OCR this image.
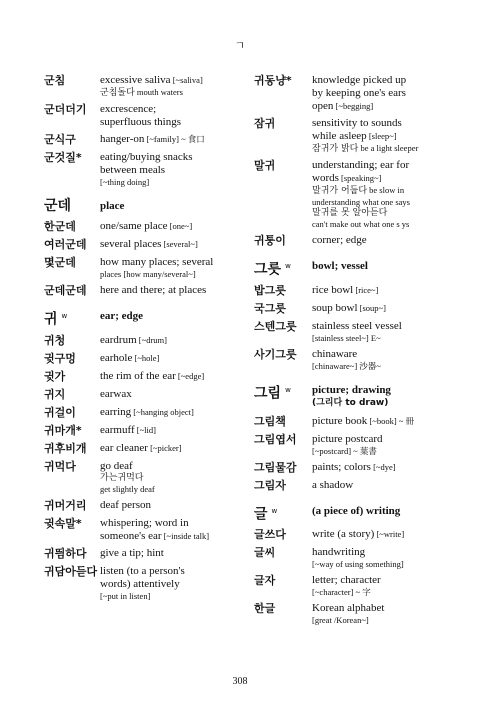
ㄱ
군침	excessive saliva [~saliva]
군침돌다 mouth waters
군더더기	excrescence;
superfluous things
군식구	hanger-on [~family] ~ 食口
군것질*	eating/buying snacks
between meals
[~thing doing]
군데	place
한군데	one/same place [one~]
여러군데	several places [several~]
몇군데	how many places; several
places [how many/several~]
군데군데	here and there; at places
귀 $^w$	ear; edge
귀청	eardrum [~drum]
귓구멍	earhole [~hole]
귓가	the rim of the ear [~edge]
귀지	earwax
귀걸이	earring [~hanging object]
귀마개*	earmuff [~lid]
귀후비개	ear cleaner [~picker]
귀먹다	go deaf
가는귀먹다
get slightly deaf
귀머거리	deaf person
귓속말*	whispering; word in
someone's ear [~inside talk]
귀띔하다	give a tip; hint
귀담아듣다 listen (to a person's
words) attentively
[~put in listen]
귀동냥*	knowledge picked up
by keeping one's ears
open [~begging]
잠귀	sensitivity to sounds
while asleep [sleep~]
잠귀가 밝다 be a light sleeper
말귀	understanding; ear for
words [speaking~]
말귀가 어둡다 be slow in
understanding what one says
말귀를 못 알아듣다
can't make out what one s ys
귀퉁이	corner; edge
그릇 $^w$	bowl; vessel
밥그릇	rice bowl [rice~]
국그릇	soup bowl [soup~]
스텐그릇	stainless steel vessel
[stainless steel~] E~
사기그릇	chinaware
[chinaware~] 沙器~
그림 $^w$	picture; drawing
(그리다 to draw)
그림책	picture book [~book] ~ 冊
그림엽서	picture postcard
[~postcard] ~ 葉書
그림물감	paints; colors [~dye]
그림자	a shadow
글 $^w$	(a piece of) writing
글쓰다	write (a story) [~write]
글씨	handwriting
[~way of using something]
글자	letter; character
[~character] ~ 字
한글	Korean alphabet
[great /Korean~]
308
